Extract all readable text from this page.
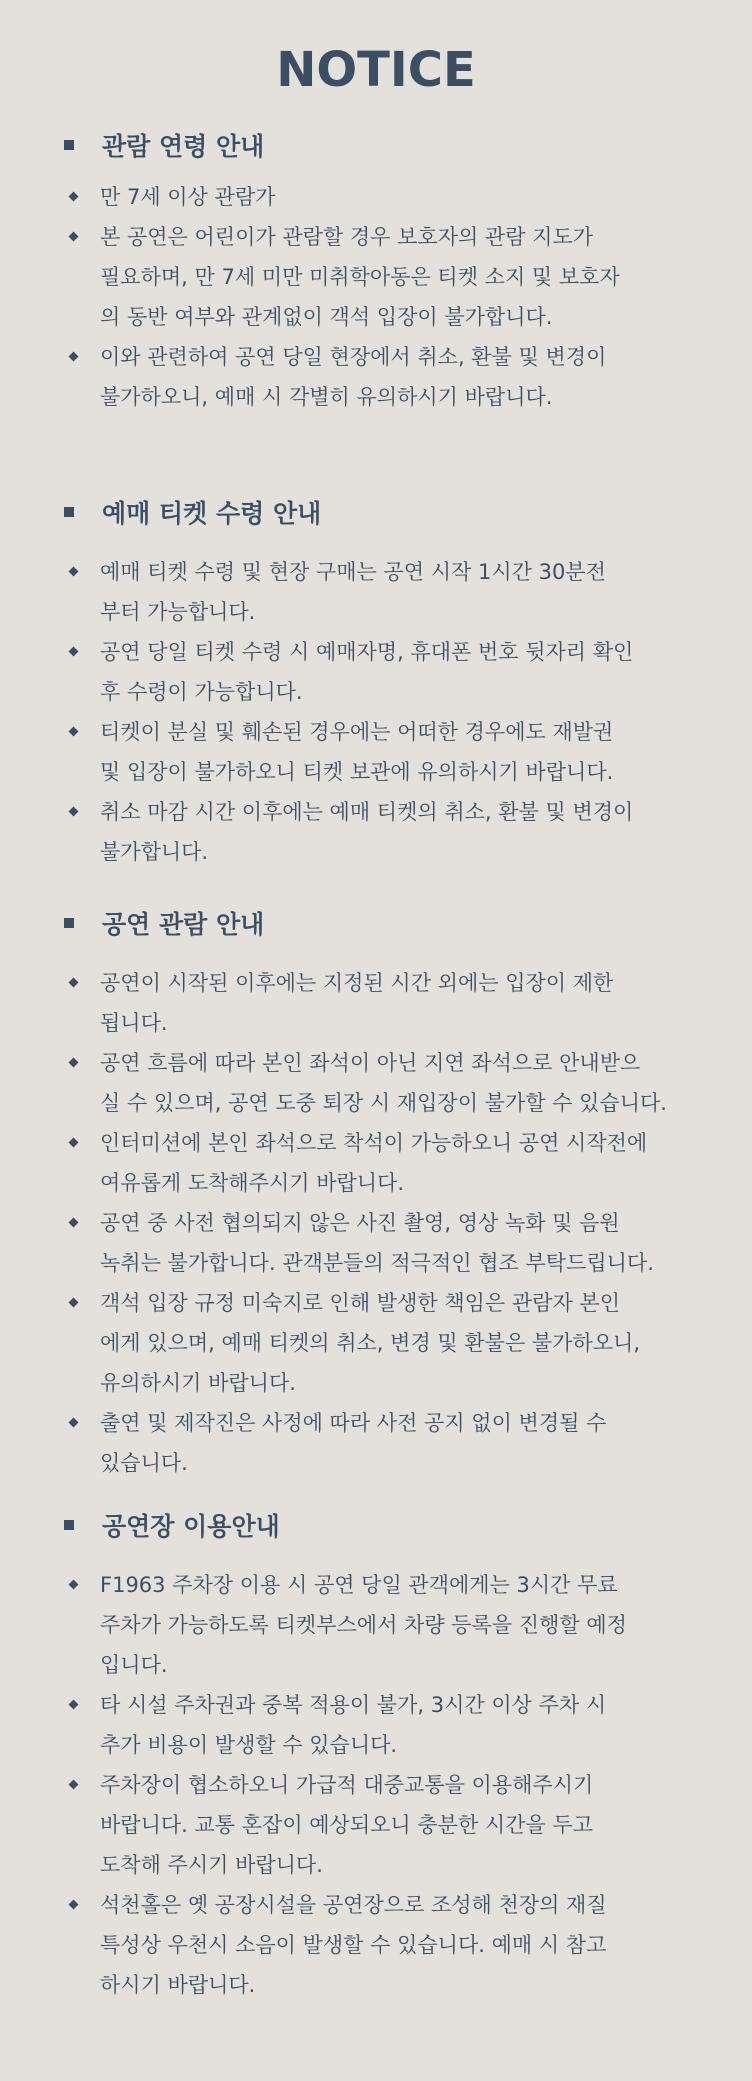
NOTICE
관람 연령 안내
만 7세 이상 관람가
본 공연은 어린이가 관람할 경우 보호자의 관람 지도가
필요하며, 만 7세 미만 미취학아동은 티켓 소지 및 보호자
의 동반 여부와 관계없이 객석 입장이 불가합니다.
이와 관련하여 공연 당일 현장에서 취소, 환불 및 변경이
불가하오니, 예매 시 각별히 유의하시기 바랍니다.
예매 티켓 수령 안내
예매 티켓 수령 및 현장 구매는 공연 시작 1시간 30분전
부터 가능합니다.
공연 당일 티켓 수령 시 예매자명, 휴대폰 번호 뒷자리 확인
후 수령이 가능합니다.
티켓이 분실 및 훼손된 경우에는 어떠한 경우에도 재발권
및 입장이 불가하오니 티켓 보관에 유의하시기 바랍니다.
취소 마감 시간 이후에는 예매 티켓의 취소, 환불 및 변경이
불가합니다.
공연 관람 안내
공연이 시작된 이후에는 지정된 시간 외에는 입장이 제한
됩니다.
공연 흐름에 따라 본인 좌석이 아닌 지연 좌석으로 안내받으
실 수 있으며, 공연 도중 퇴장 시 재입장이 불가할 수 있습니다.
인터미션에 본인 좌석으로 착석이 가능하오니 공연 시작전에
여유롭게 도착해주시기 바랍니다.
공연 중 사전 협의되지 않은 사진 촬영, 영상 녹화 및 음원
녹취는 불가합니다. 관객분들의 적극적인 협조 부탁드립니다.
객석 입장 규정 미숙지로 인해 발생한 책임은 관람자 본인
에게 있으며, 예매 티켓의 취소, 변경 및 환불은 불가하오니,
유의하시기 바랍니다.
출연 및 제작진은 사정에 따라 사전 공지 없이 변경될 수
있습니다.
공연장 이용안내
F1963 주차장 이용 시 공연 당일 관객에게는 3시간 무료
주차가 가능하도록 티켓부스에서 차량 등록을 진행할 예정
입니다.
타 시설 주차권과 중복 적용이 불가, 3시간 이상 주차 시
추가 비용이 발생할 수 있습니다.
주차장이 협소하오니 가급적 대중교통을 이용해주시기
바랍니다. 교통 혼잡이 예상되오니 충분한 시간을 두고
도착해 주시기 바랍니다.
석천홀은 옛 공장시설을 공연장으로 조성해 천장의 재질
특성상 우천시 소음이 발생할 수 있습니다. 예매 시 참고
하시기 바랍니다.
